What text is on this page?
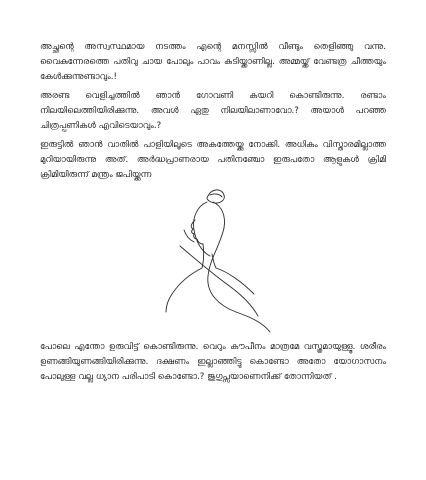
അച്ഛന്റെ അസ്വസ്ഥമായ നടത്തം എന്റെ മനസ്സിൽ വീണ്ടും തെളിഞ്ഞു വന്നു. വൈകുന്നേരത്തെ പതിവു ചായ പോലും പാവം കുടിയ്ക്കാണില്ല. അമ്മയ്ക്ക് വേണ്ടത്ര ചീത്തയും കേൾക്കുന്നുണ്ടാവും.!

അരണ്ട വെളിച്ചത്തിൽ ഞാൻ ഗോവണി കയറി കൊണ്ടിരുന്നു. രണ്ടാം നിലയിലെത്തിയിരിക്കുന്നു. അവൾ ഏതു നിലയിലാണാവോ.? അയാൾ പറഞ്ഞ ചിത്രപ്പണികൾ എവിടെയാവും.?

ഇരുട്ടിൽ ഞാൻ വാതിൽ പാളിയിലൂടെ അകത്തേയ്ക്കു നോക്കി. അധികം വിസ്താരമില്ലാത്ത മുറിയായിരുന്നു അത്. അർദ്ധപ്രാണരായ പതിനഞ്ചോ ഇരുപതോ ആളുകൾ ക്രിമി ക്രിമിയിരുന്ന് മന്ത്രം ജപിയ്ക്കുന്ന

പോലെ എന്തോ ഉരുവിട്ട് കൊണ്ടിരുന്നു. വെറും കൗപീനം മാത്രമേ വസ്ത്രമായുള്ളൂ. ശരീരം ഉണങ്ങിയുണങ്ങിയിരിക്കുന്നു. ദക്ഷണം ഇല്ലാഞ്ഞിട്ടു കൊണ്ടോ അതോ യോഗാസനം പോലുള്ള വല്ല ധ്യാന പരിപാടി കൊണ്ടോ.? ജുഗുപ്സയാണെനിക്ക് തോന്നിയത് .
